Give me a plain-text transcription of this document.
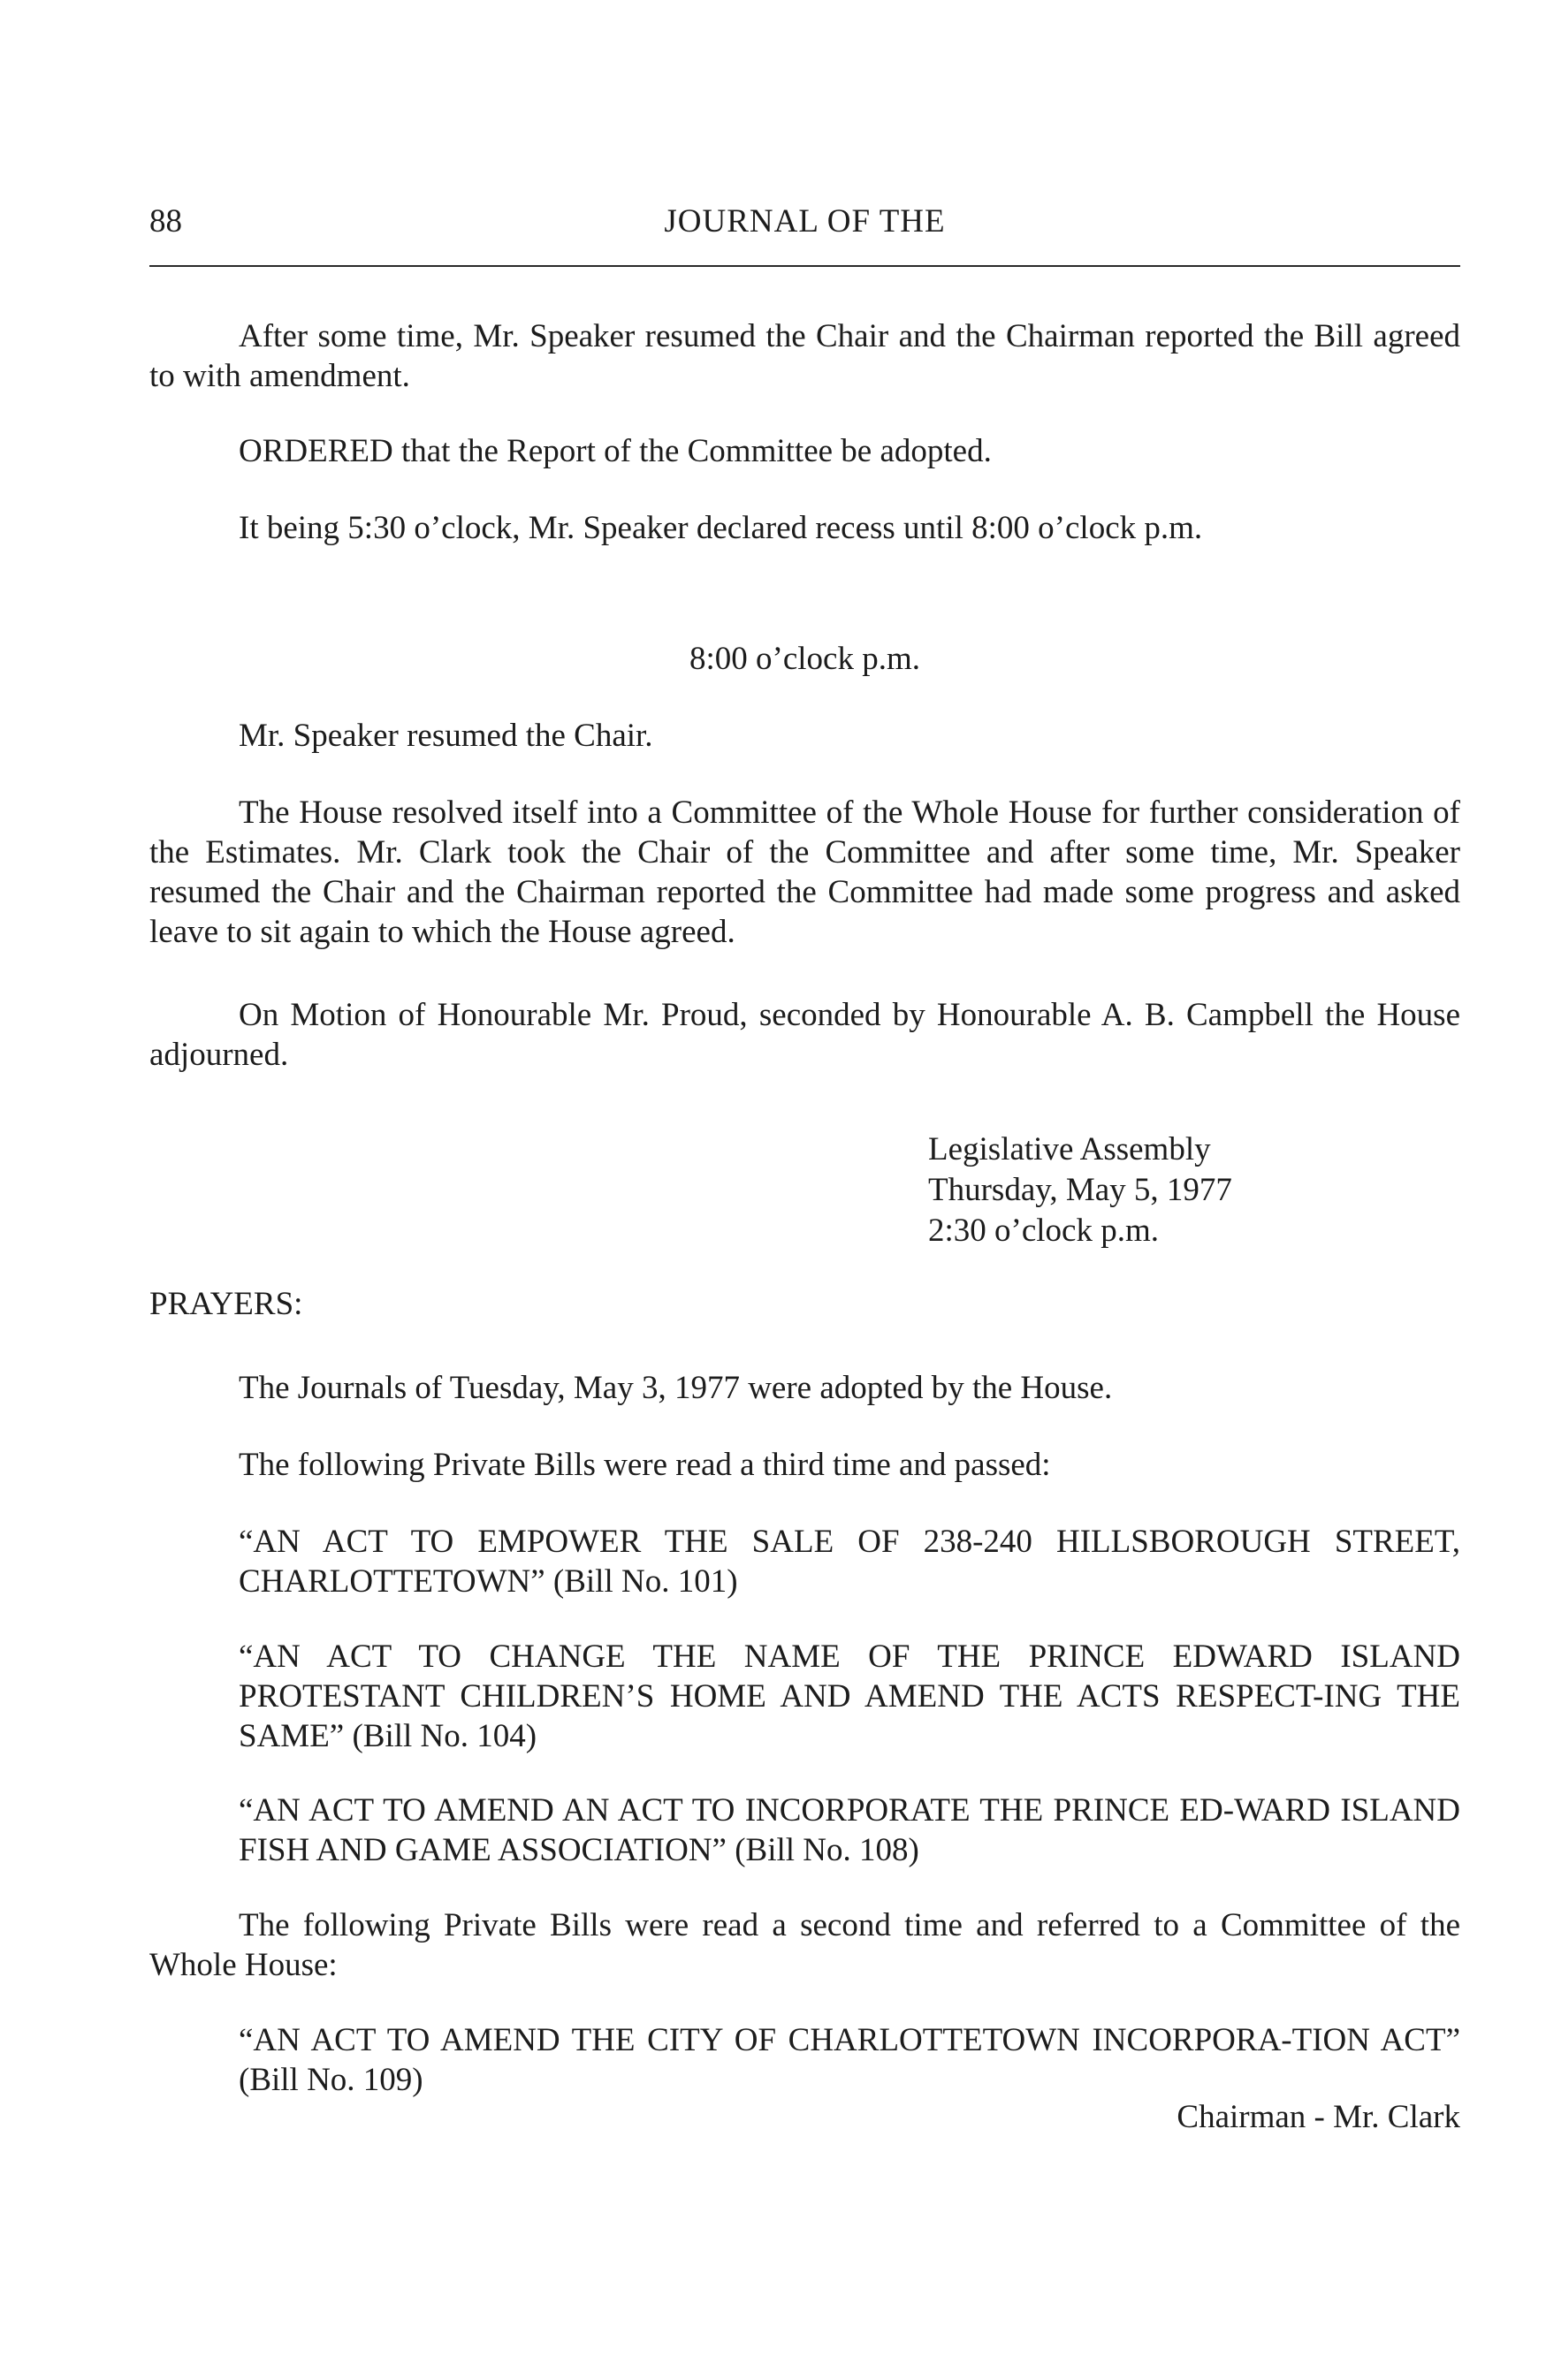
88	JOURNAL OF THE

After some time, Mr. Speaker resumed the Chair and the Chairman reported the Bill agreed to with amendment.

ORDERED that the Report of the Committee be adopted.

It being 5:30 o’clock, Mr. Speaker declared recess until 8:00 o’clock p.m.

8:00 o’clock p.m.

Mr. Speaker resumed the Chair.

The House resolved itself into a Committee of the Whole House for further consideration of the Estimates. Mr. Clark took the Chair of the Committee and after some time, Mr. Speaker resumed the Chair and the Chairman reported the Committee had made some progress and asked leave to sit again to which the House agreed.

On Motion of Honourable Mr. Proud, seconded by Honourable A. B. Campbell the House adjourned.

Legislative Assembly
Thursday, May 5, 1977
2:30 o’clock p.m.
PRAYERS:

The Journals of Tuesday, May 3, 1977 were adopted by the House.

The following Private Bills were read a third time and passed:

“AN ACT TO EMPOWER THE SALE OF 238-240 HILLSBOROUGH STREET, CHARLOTTETOWN” (Bill No. 101)

“AN ACT TO CHANGE THE NAME OF THE PRINCE EDWARD ISLAND PROTESTANT CHILDREN’S HOME AND AMEND THE ACTS RESPECT-ING THE SAME” (Bill No. 104)

“AN ACT TO AMEND AN ACT TO INCORPORATE THE PRINCE ED-WARD ISLAND FISH AND GAME ASSOCIATION” (Bill No. 108)

The following Private Bills were read a second time and referred to a Committee of the Whole House:

“AN ACT TO AMEND THE CITY OF CHARLOTTETOWN INCORPORA-TION ACT” (Bill No. 109)

Chairman - Mr. Clark
